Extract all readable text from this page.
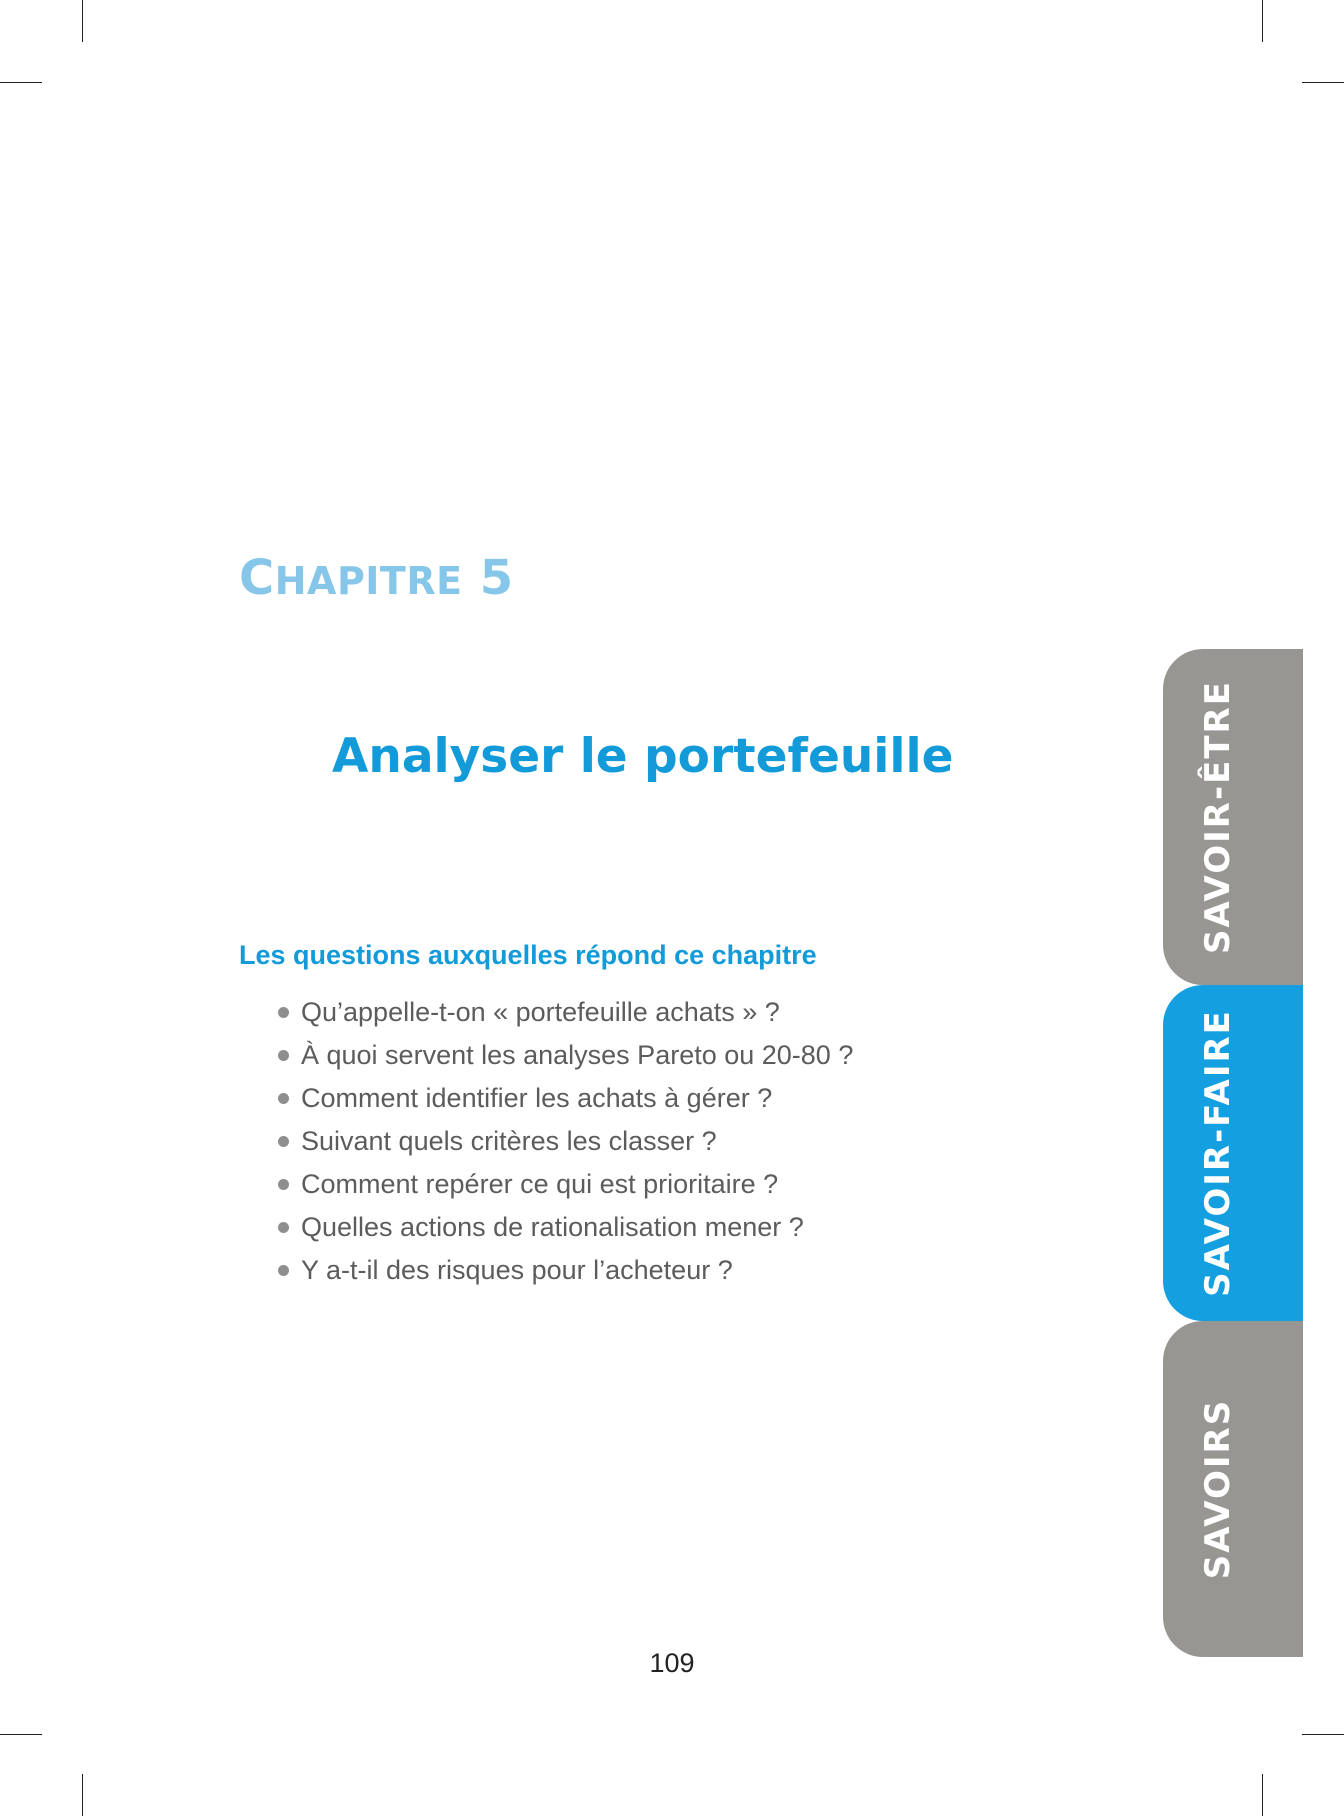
CHAPITRE 5
Analyser le portefeuille
Les questions auxquelles répond ce chapitre
Qu’appelle-t-on « portefeuille achats » ?
À quoi servent les analyses Pareto ou 20-80 ?
Comment identifier les achats à gérer ?
Suivant quels critères les classer ?
Comment repérer ce qui est prioritaire ?
Quelles actions de rationalisation mener ?
Y a-t-il des risques pour l’acheteur ?
109
SAVOIR-ÊTRE
SAVOIR-FAIRE
SAVOIRS
